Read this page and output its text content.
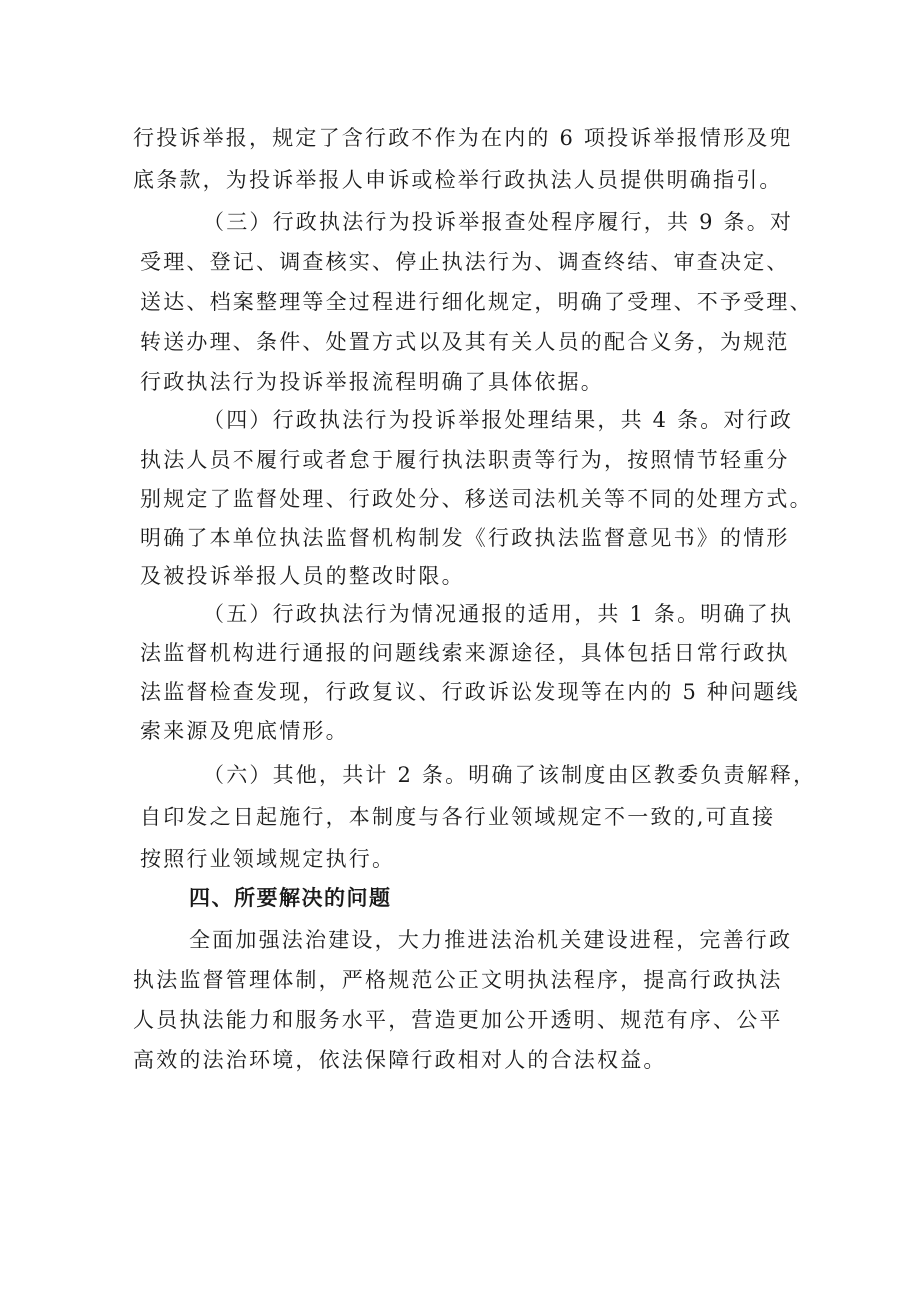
行投诉举报，规定了含行政不作为在内的 6 项投诉举报情形及兜
底条款，为投诉举报人申诉或检举行政执法人员提供明确指引。
（三）行政执法行为投诉举报查处程序履行，共 9 条。对
受理、登记、调查核实、停止执法行为、调查终结、审查决定、
送达、档案整理等全过程进行细化规定，明确了受理、不予受理、
转送办理、条件、处置方式以及其有关人员的配合义务，为规范
行政执法行为投诉举报流程明确了具体依据。
（四）行政执法行为投诉举报处理结果，共 4 条。对行政
执法人员不履行或者怠于履行执法职责等行为，按照情节轻重分
别规定了监督处理、行政处分、移送司法机关等不同的处理方式。
明确了本单位执法监督机构制发《行政执法监督意见书》的情形
及被投诉举报人员的整改时限。
（五）行政执法行为情况通报的适用，共 1 条。明确了执
法监督机构进行通报的问题线索来源途径，具体包括日常行政执
法监督检查发现，行政复议、行政诉讼发现等在内的 5 种问题线
索来源及兜底情形。
（六）其他，共计 2 条。明确了该制度由区教委负责解释，
自印发之日起施行，本制度与各行业领域规定不一致的,可直接
按照行业领域规定执行。
四、所要解决的问题
全面加强法治建设，大力推进法治机关建设进程，完善行政
执法监督管理体制，严格规范公正文明执法程序，提高行政执法
人员执法能力和服务水平，营造更加公开透明、规范有序、公平
高效的法治环境，依法保障行政相对人的合法权益。
